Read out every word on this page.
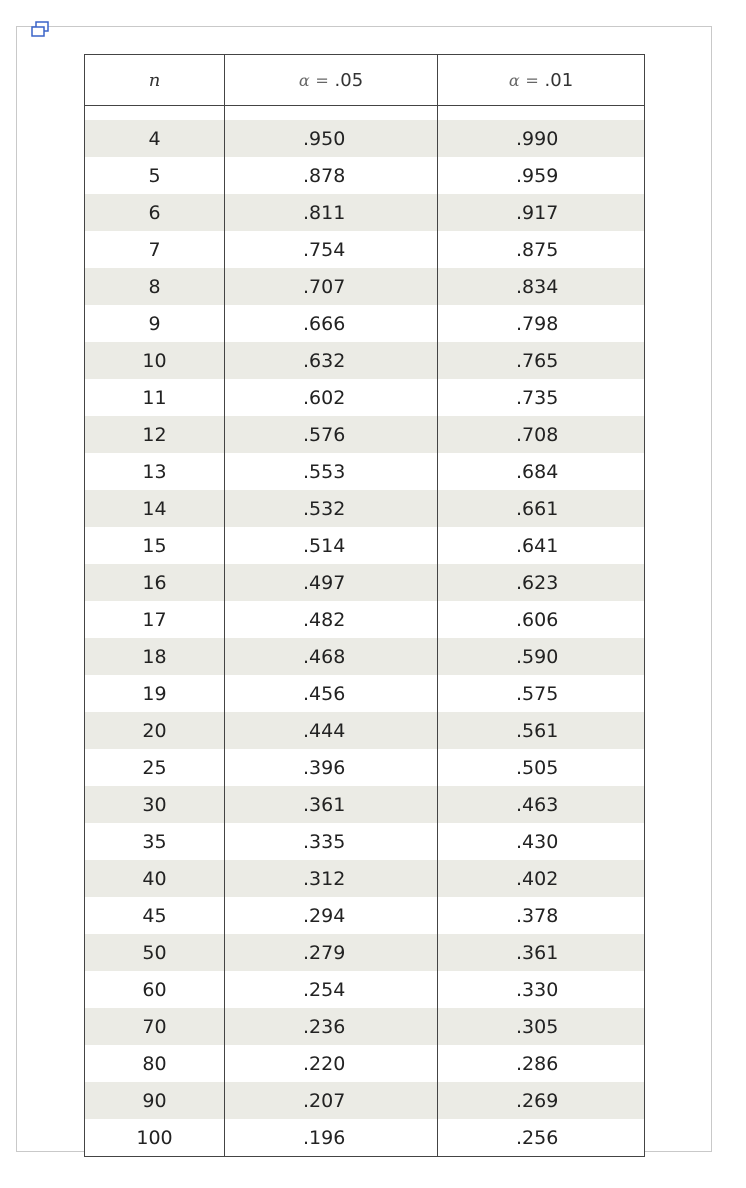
n	α = .05	α = .01

4	.950	.990
5	.878	.959
6	.811	.917
7	.754	.875
8	.707	.834
9	.666	.798
10	.632	.765
11	.602	.735
12	.576	.708
13	.553	.684
14	.532	.661
15	.514	.641
16	.497	.623
17	.482	.606
18	.468	.590
19	.456	.575
20	.444	.561
25	.396	.505
30	.361	.463
35	.335	.430
40	.312	.402
45	.294	.378
50	.279	.361
60	.254	.330
70	.236	.305
80	.220	.286
90	.207	.269
100	.196	.256
